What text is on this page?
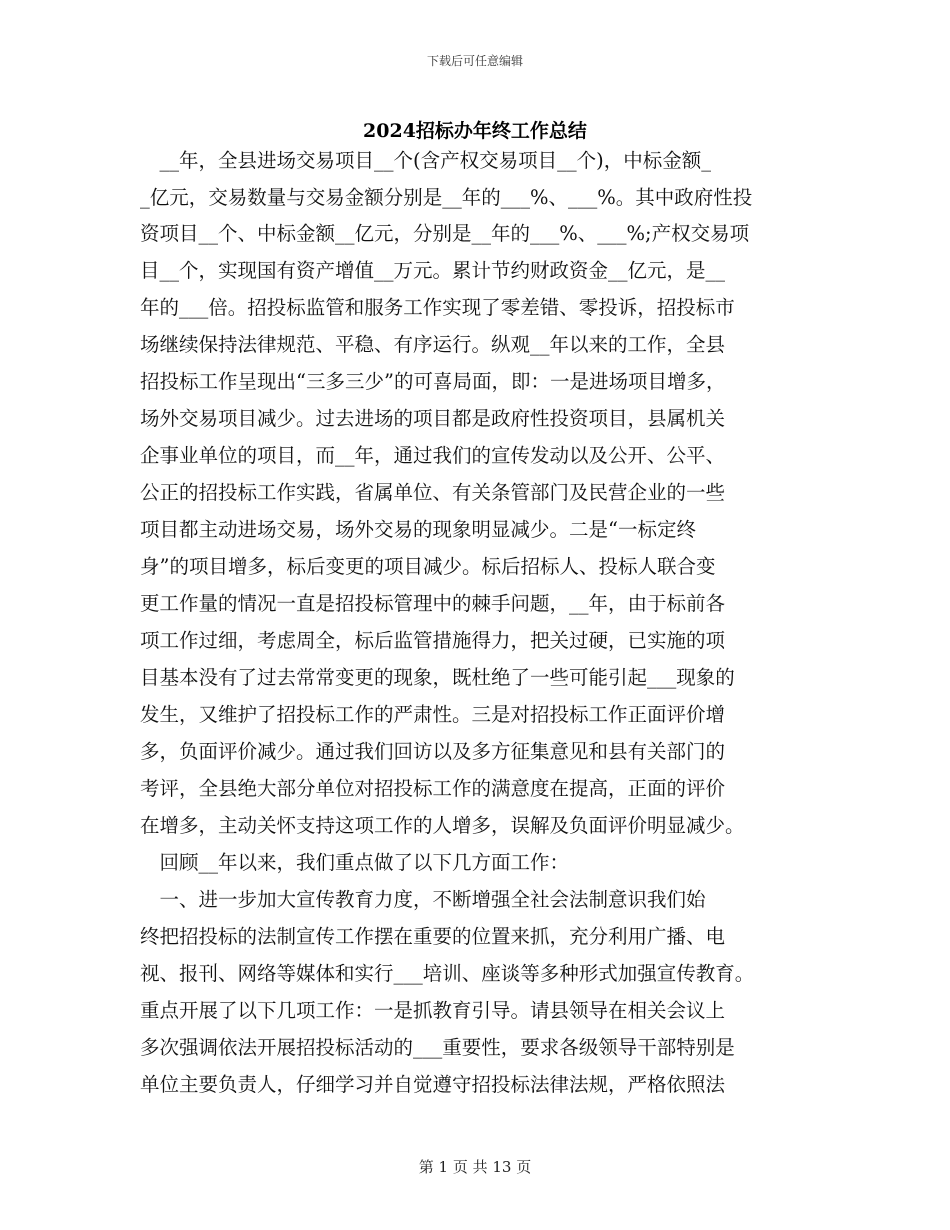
下载后可任意编辑
2024招标办年终工作总结
　__年，全县进场交易项目__个(含产权交易项目__个)，中标金额_
_亿元，交易数量与交易金额分别是__年的___%、___%。其中政府性投
资项目__个、中标金额__亿元，分别是__年的___%、___%;产权交易项
目__个，实现国有资产增值__万元。累计节约财政资金__亿元，是__
年的___倍。招投标监管和服务工作实现了零差错、零投诉，招投标市
场继续保持法律规范、平稳、有序运行。纵观__年以来的工作，全县
招投标工作呈现出“三多三少”的可喜局面，即：一是进场项目增多，
场外交易项目减少。过去进场的项目都是政府性投资项目，县属机关
企事业单位的项目，而__年，通过我们的宣传发动以及公开、公平、
公正的招投标工作实践，省属单位、有关条管部门及民营企业的一些
项目都主动进场交易，场外交易的现象明显减少。二是“一标定终
身”的项目增多，标后变更的项目减少。标后招标人、投标人联合变
更工作量的情况一直是招投标管理中的棘手问题，__年，由于标前各
项工作过细，考虑周全，标后监管措施得力，把关过硬，已实施的项
目基本没有了过去常常变更的现象，既杜绝了一些可能引起___现象的
发生，又维护了招投标工作的严肃性。三是对招投标工作正面评价增
多，负面评价减少。通过我们回访以及多方征集意见和县有关部门的
考评，全县绝大部分单位对招投标工作的满意度在提高，正面的评价
在增多，主动关怀支持这项工作的人增多，误解及负面评价明显减少。
　回顾__年以来，我们重点做了以下几方面工作：
　一、进一步加大宣传教育力度，不断增强全社会法制意识我们始
终把招投标的法制宣传工作摆在重要的位置来抓，充分利用广播、电
视、报刊、网络等媒体和实行___培训、座谈等多种形式加强宣传教育。
重点开展了以下几项工作：一是抓教育引导。请县领导在相关会议上
多次强调依法开展招投标活动的___重要性，要求各级领导干部特别是
单位主要负责人，仔细学习并自觉遵守招投标法律法规，严格依照法
第 1 页 共 13 页
